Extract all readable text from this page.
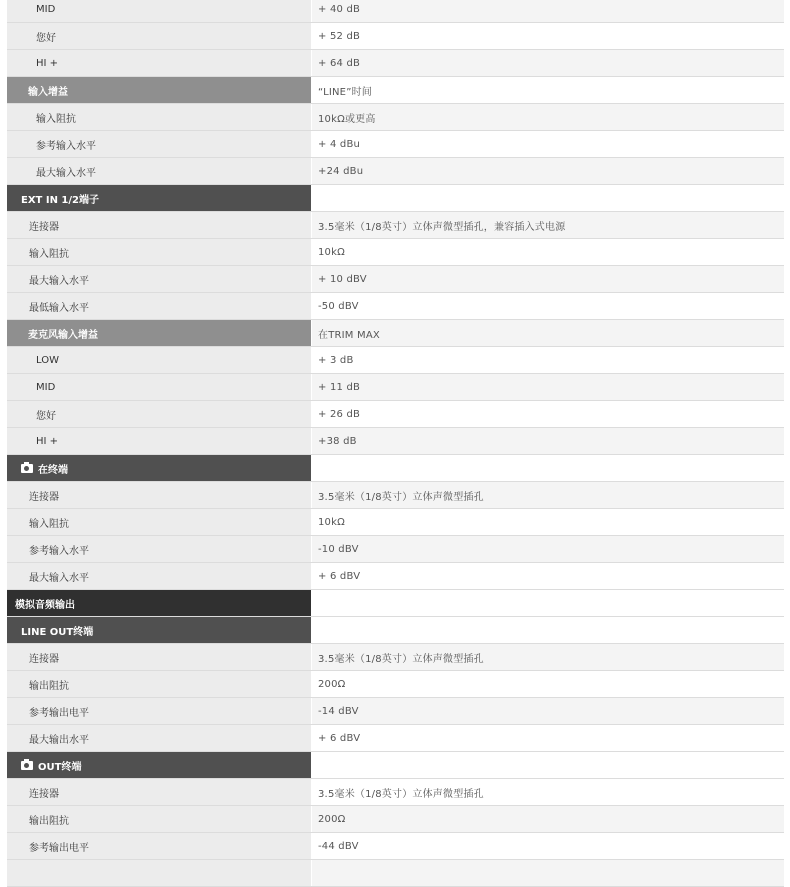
MID	+ 40 dB
您好	+ 52 dB
HI +	+ 64 dB
输入增益	“LINE”时间
输入阻抗	10kΩ或更高
参考输入水平	+ 4 dBu
最大输入水平	+24 dBu
EXT IN 1/2端子
连接器	3.5毫米（1/8英寸）立体声微型插孔，兼容插入式电源
输入阻抗	10kΩ
最大输入水平	+ 10 dBV
最低输入水平	-50 dBV
麦克风输入增益	在TRIM MAX
LOW	+ 3 dB
MID	+ 11 dB
您好	+ 26 dB
HI +	+38 dB
在终端
连接器	3.5毫米（1/8英寸）立体声微型插孔
输入阻抗	10kΩ
参考输入水平	-10 dBV
最大输入水平	+ 6 dBV
模拟音频输出
LINE OUT终端
连接器	3.5毫米（1/8英寸）立体声微型插孔
输出阻抗	200Ω
参考输出电平	-14 dBV
最大输出水平	+ 6 dBV
OUT终端
连接器	3.5毫米（1/8英寸）立体声微型插孔
输出阻抗	200Ω
参考输出电平	-44 dBV
